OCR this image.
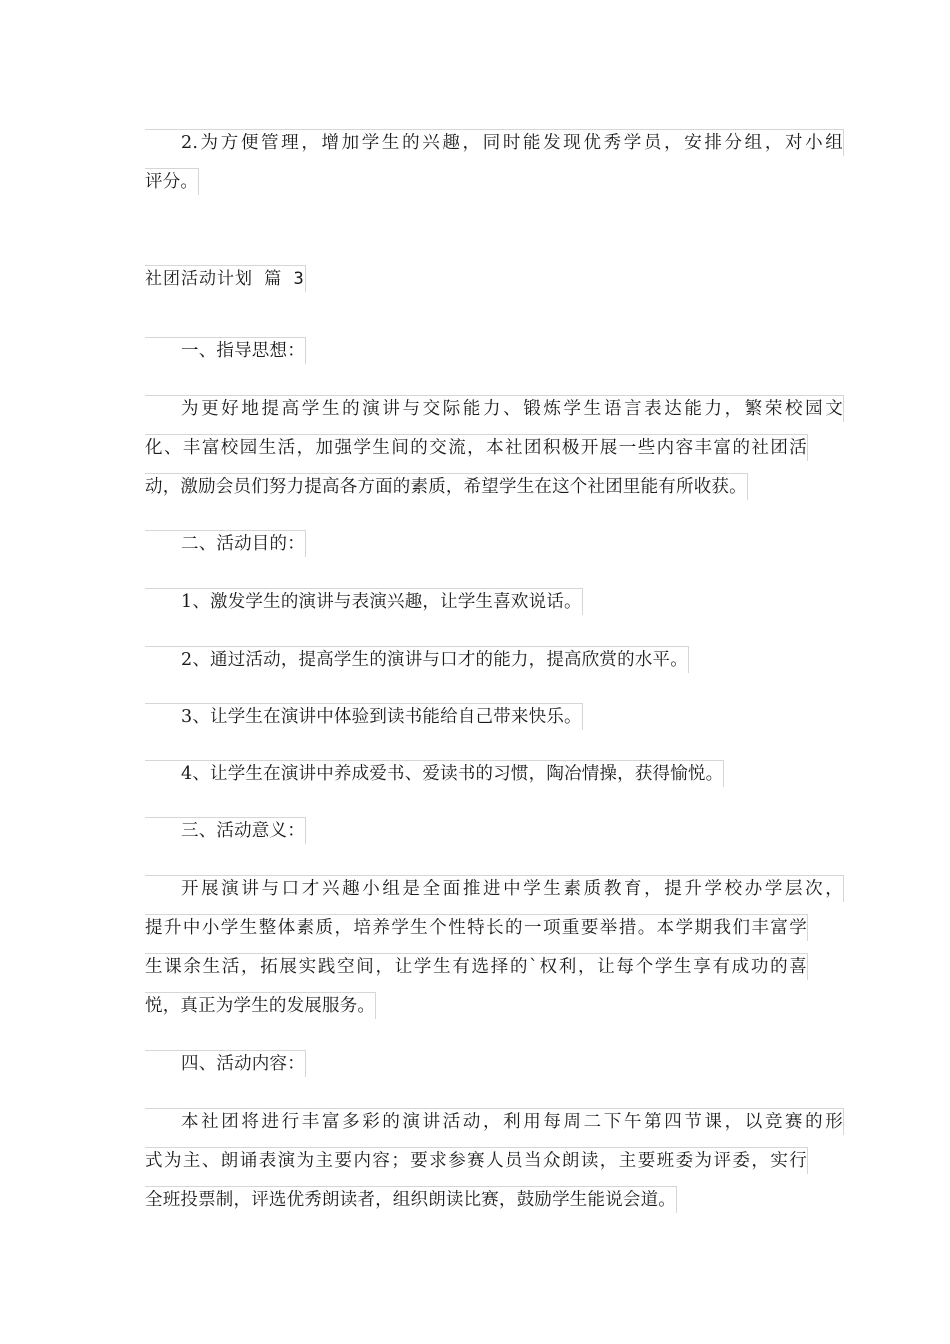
2.为方便管理，增加学生的兴趣，同时能发现优秀学员，安排分组，对小组
评分。
社团活动计划 篇 3
一、指导思想：
为更好地提高学生的演讲与交际能力、锻炼学生语言表达能力，繁荣校园文
化、丰富校园生活，加强学生间的交流，本社团积极开展一些内容丰富的社团活
动，激励会员们努力提高各方面的素质，希望学生在这个社团里能有所收获。
二、活动目的：
1、激发学生的演讲与表演兴趣，让学生喜欢说话。
2、通过活动，提高学生的演讲与口才的能力，提高欣赏的水平。
3、让学生在演讲中体验到读书能给自己带来快乐。
4、让学生在演讲中养成爱书、爱读书的习惯，陶冶情操，获得愉悦。
三、活动意义：
开展演讲与口才兴趣小组是全面推进中学生素质教育，提升学校办学层次，
提升中小学生整体素质，培养学生个性特长的一项重要举措。本学期我们丰富学
生课余生活，拓展实践空间，让学生有选择的`权利，让每个学生享有成功的喜
悦，真正为学生的发展服务。
四、活动内容：
本社团将进行丰富多彩的演讲活动，利用每周二下午第四节课，以竞赛的形
式为主、朗诵表演为主要内容；要求参赛人员当众朗读，主要班委为评委，实行
全班投票制，评选优秀朗读者，组织朗读比赛，鼓励学生能说会道。
